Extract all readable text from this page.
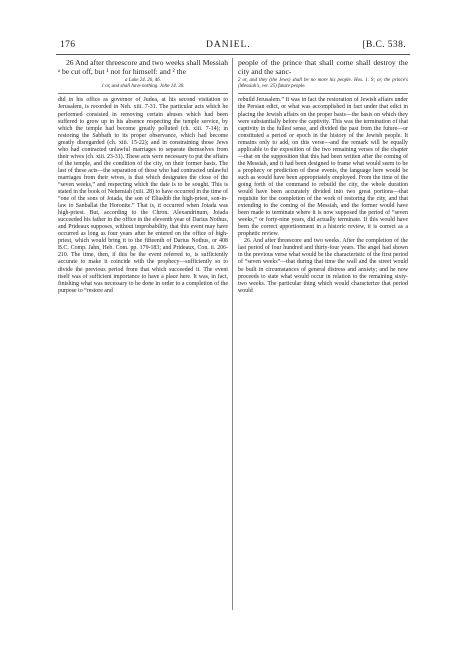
176	DANIEL.	[B.C. 538.

26 And after threescore and two weeks shall Messiah ᵃ be cut off, but ¹ not for himself: and ² the

a Luke 24. 26, 46.
1 or, and shall have nothing. John 14. 30.

did in his office as governor of Judea, at his second visitation to Jerusalem, is recorded in Neh. xiii. 7-31. The particular acts which he performed consisted in removing certain abuses which had been suffered to grow up in his absence respecting the temple service, by which the temple had become greatly polluted (ch. xiii. 7-14); in restoring the Sabbath to its proper observance, which had become greatly disregarded (ch. xiii. 15-22); and in constraining those Jews who had contracted unlawful marriages to separate themselves from their wives (ch. xiii. 23-31). These acts were necessary to put the affairs of the temple, and the condition of the city, on their former basis. The last of these acts—the separation of those who had contracted unlawful marriages from their wives, is that which designates the close of the “seven weeks,” and respecting which the date is to be sought. This is stated in the book of Nehemiah (xiii. 28) to have occurred in the time of “one of the sons of Joiada, the son of Eliashib the high-priest, son-in-law to Sanballat the Horonite.” That is, it occurred when Joiada was high-priest. But, according to the Chron. Alexandrinum, Joiada succeeded his father in the office in the eleventh year of Darius Nothus, and Prideaux supposes, without improbability, that this event may have occurred as long as four years after he entered on the office of high-priest, which would bring it to the fifteenth of Darius Nothus, or 408 B.C. Comp. Jahn, Heb. Com. pp. 179-183; and Prideaux, Con. ii. 206-210. The time, then, if this be the event referred to, is sufficiently accurate to make it coincide with the prophecy—sufficiently so to divide the previous period from that which succeeded it. The event itself was of sufficient importance to have a place here. It was, in fact, finishing what was necessary to be done in order to a completion of the purpose to “restore and

people of the prince that shall come shall destroy the city and the sanc-

2 or, and they (the Jews) shall be no more his people. Hos. 1. 9; or, the prince's (Messiah's, ver. 25) future people.

rebuild Jerusalem.” It was in fact the restoration of Jewish affairs under the Persian edict, or what was accomplished in fact under that edict in placing the Jewish affairs on the proper basis—the basis on which they were substantially before the captivity. This was the termination of that captivity in the fullest sense, and divided the past from the future—or constituted a period or epoch in the history of the Jewish people. It remains only to add, on this verse—and the remark will be equally applicable to the exposition of the two remaining verses of the chapter—that on the supposition that this had been written after the coming of the Messiah, and it had been designed to frame what would seem to be a prophecy or prediction of these events, the language here would be such as would have been appropriately employed. From the time of the going forth of the command to rebuild the city, the whole duration would have been accurately divided into two great portions—that requisite for the completion of the work of restoring the city, and that extending to the coming of the Messiah, and the former would have been made to terminate where it is now supposed the period of “seven weeks,” or forty-nine years, did actually terminate. If this would have been the correct apportionment in a historic review, it is correct as a prophetic review.

26. And after threescore and two weeks. After the completion of the last period of four hundred and thirty-four years. The angel had shown in the previous verse what would be the characteristic of the first period of “seven weeks”—that during that time the wall and the street would be built in circumstances of general distress and anxiety; and he now proceeds to state what would occur in relation to the remaining sixty-two weeks. The particular thing which would characterize that period would
